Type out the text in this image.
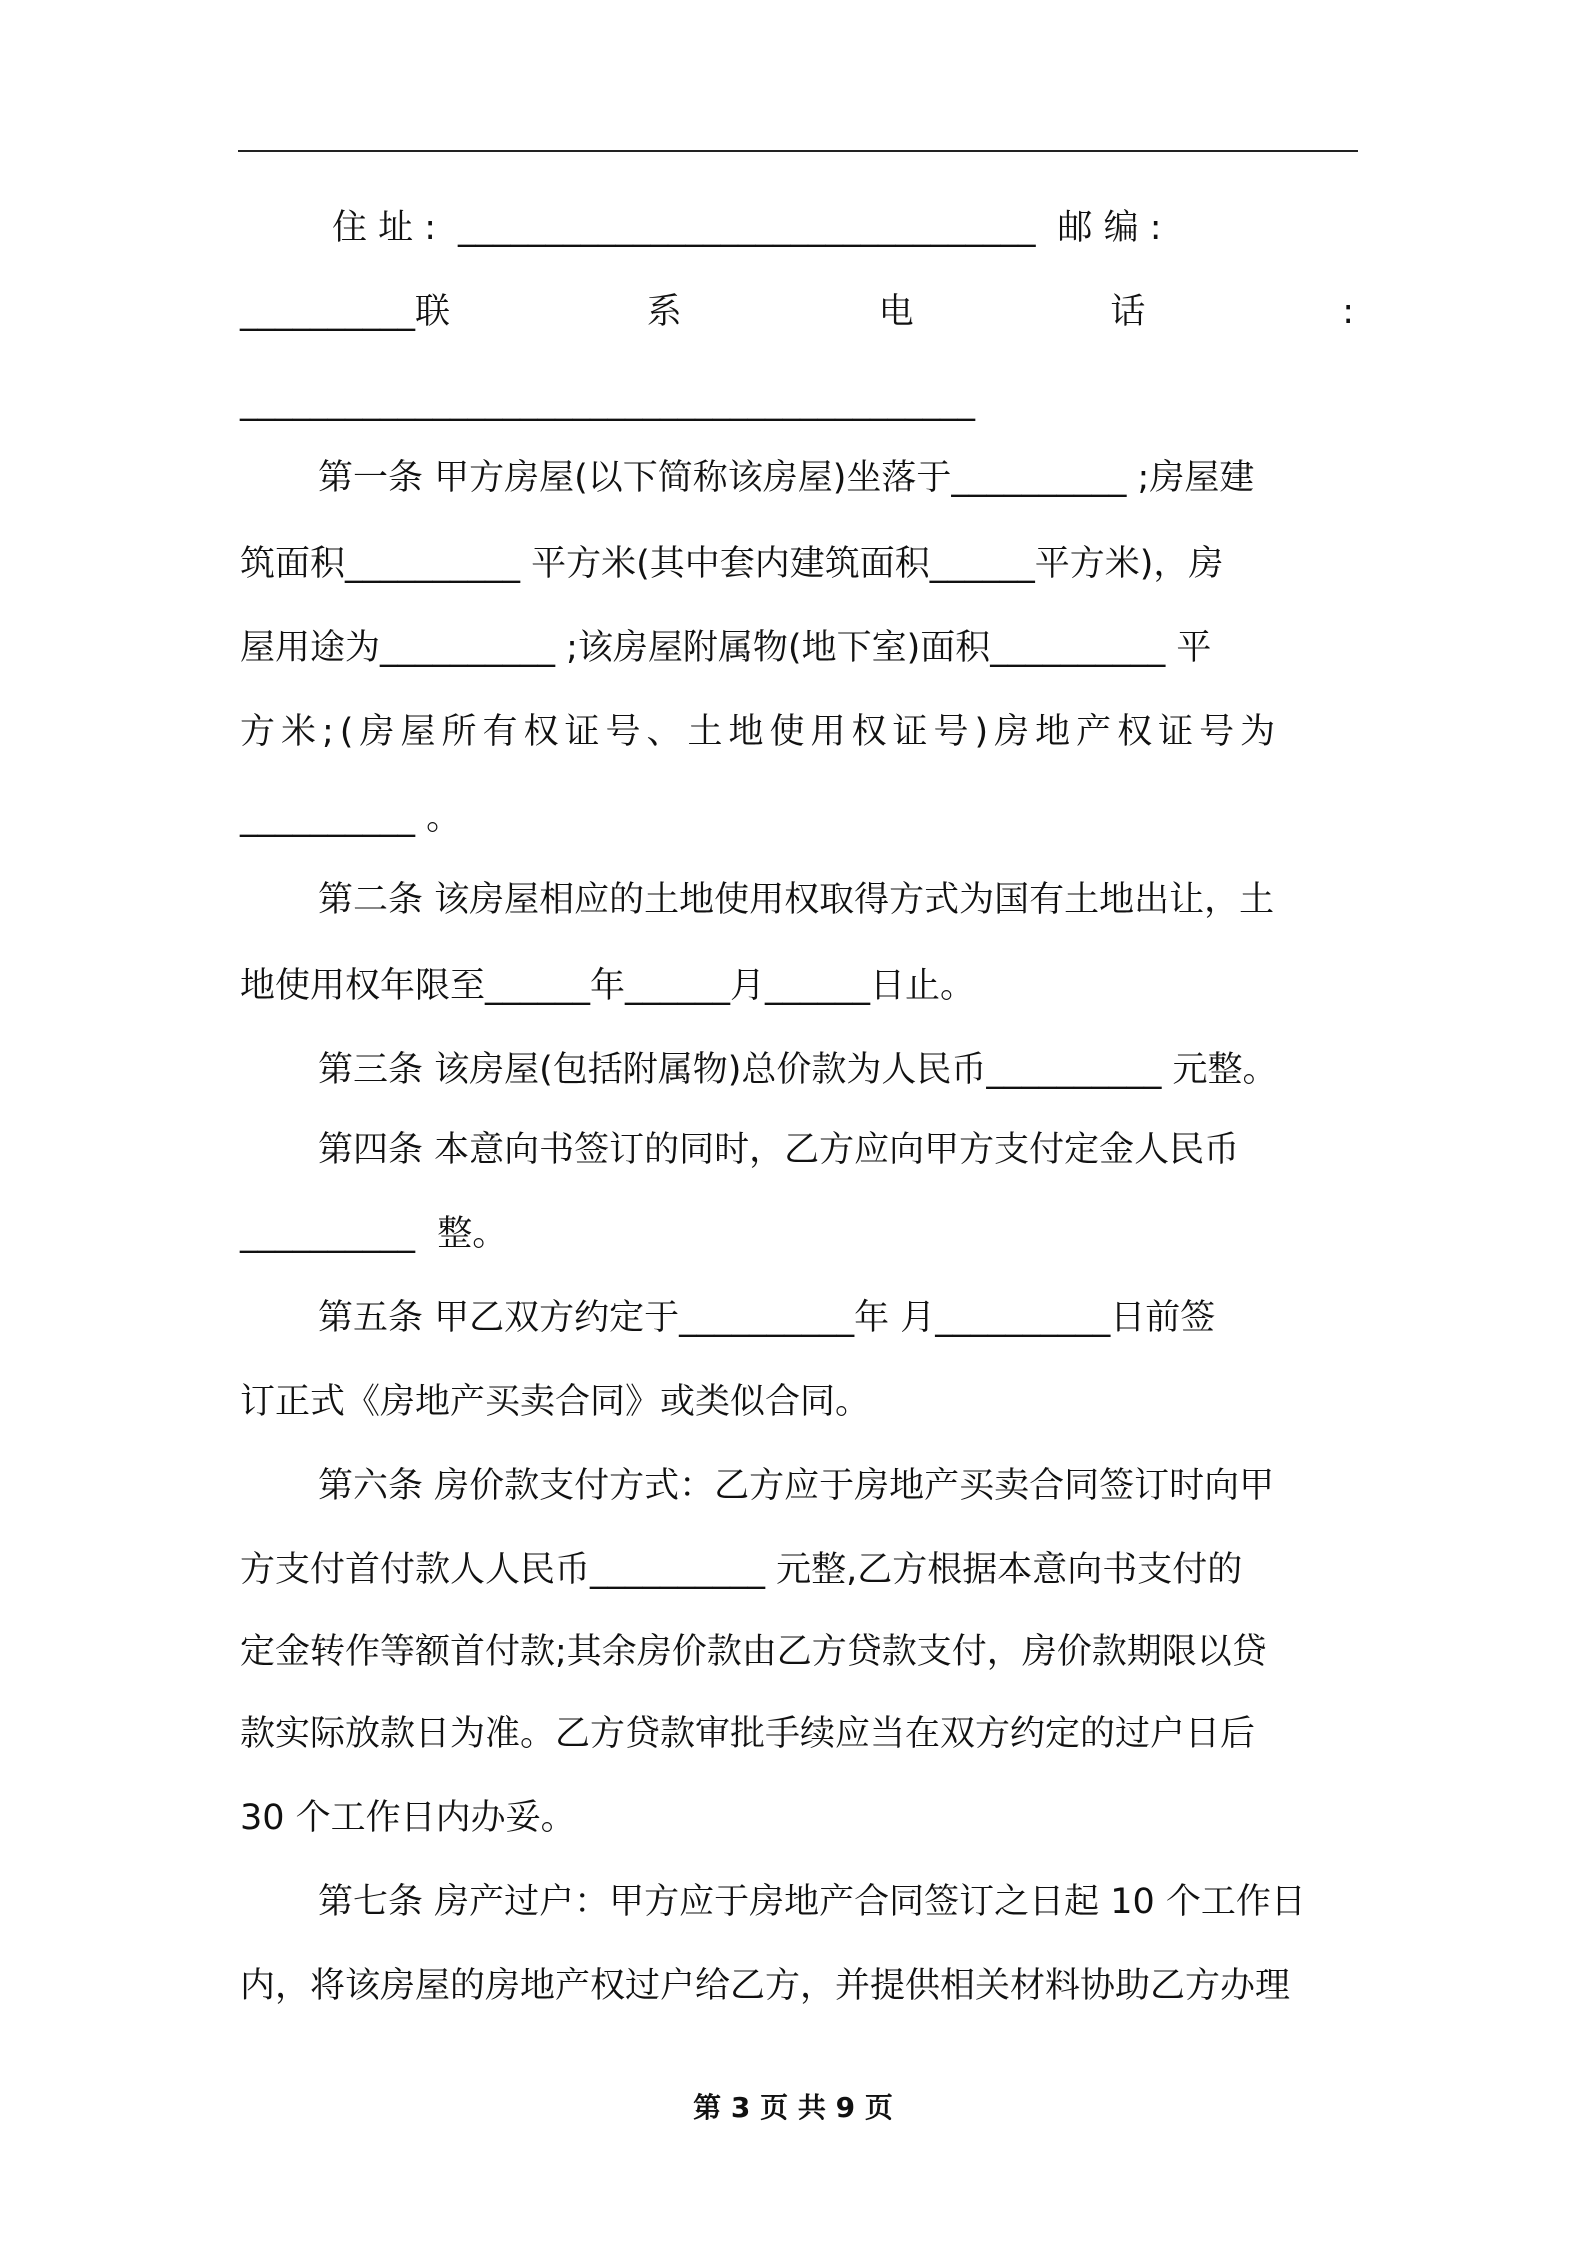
住 址 : _________________________________ 邮 编 :
__________联	系	电	话	:
__________________________________________
第一条 甲方房屋(以下简称该房屋)坐落于__________ ;房屋建
筑面积__________ 平方米(其中套内建筑面积______平方米)，房
屋用途为__________ ;该房屋附属物(地下室)面积__________ 平
方米;(房屋所有权证号、土地使用权证号)房地产权证号为
__________ 。
第二条 该房屋相应的土地使用权取得方式为国有土地出让，土
地使用权年限至______年______月______日止。
第三条 该房屋(包括附属物)总价款为人民币__________ 元整。
第四条 本意向书签订的同时，乙方应向甲方支付定金人民币
__________  整。
第五条 甲乙双方约定于__________年 月__________日前签
订正式《房地产买卖合同》或类似合同。
第六条 房价款支付方式：乙方应于房地产买卖合同签订时向甲
方支付首付款人人民币__________ 元整,乙方根据本意向书支付的
定金转作等额首付款;其余房价款由乙方贷款支付，房价款期限以贷
款实际放款日为准。乙方贷款审批手续应当在双方约定的过户日后
30 个工作日内办妥。
第七条 房产过户：甲方应于房地产合同签订之日起 10 个工作日
内，将该房屋的房地产权过户给乙方，并提供相关材料协助乙方办理
第 3 页 共 9 页
